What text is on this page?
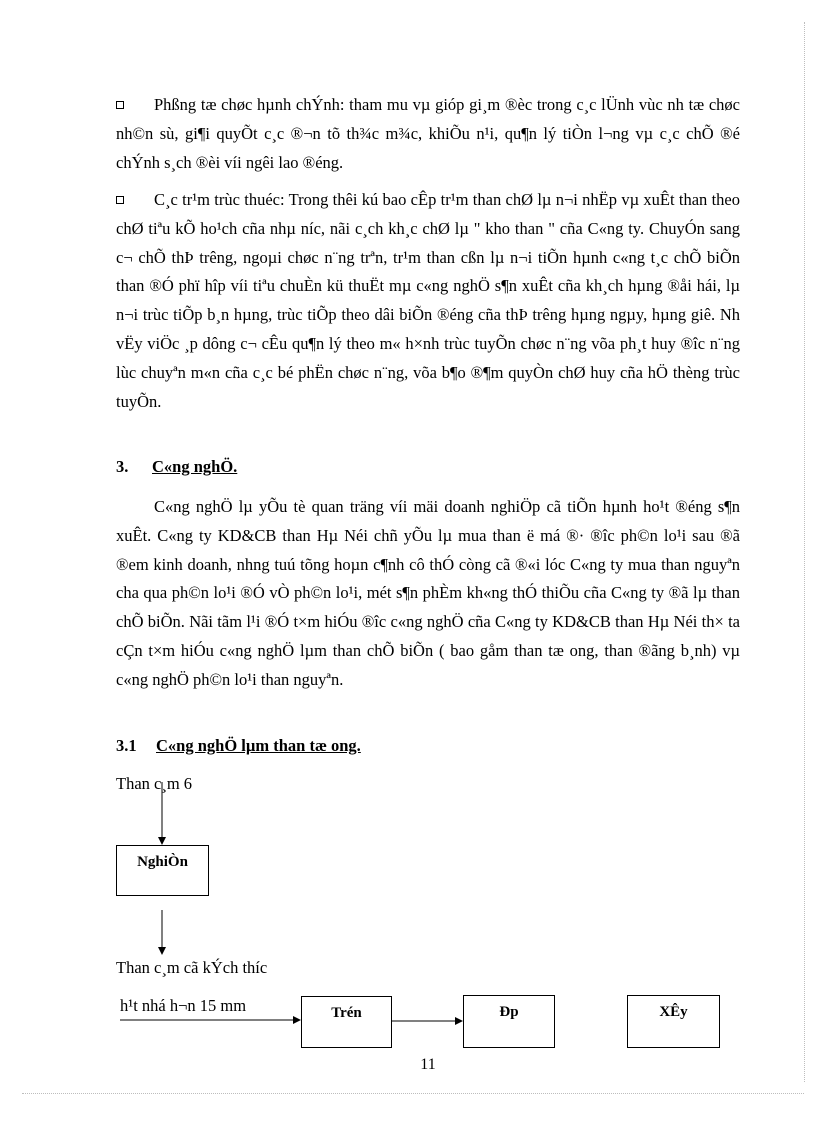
Phßng tæ chøc hµnh chÝnh: tham mu vµ gióp gi¸m ®èc trong c¸c lÜnh vùc nh tæ chøc nh©n sù, gi¶i quyÕt c¸c ®¬n tõ th¾c m¾c, khiÕu n¹i, qu¶n lý tiÒn l¬ng vµ c¸c chÕ ®é chÝnh s¸ch ®èi víi ngêi lao ®éng.

C¸c tr¹m trùc thuéc: Trong thêi kú bao cÊp tr¹m than chØ lµ n¬i nhËp vµ xuÊt than theo chØ tiªu kÕ ho¹ch cña nhµ níc, nãi c¸ch kh¸c chØ lµ " kho than " cña C«ng ty. ChuyÓn sang c¬ chÕ thÞ trêng, ngoµi chøc n¨ng trªn, tr¹m than cßn lµ n¬i tiÕn hµnh c«ng t¸c chÕ biÕn than ®Ó phï hîp víi tiªu chuÈn kü thuËt mµ c«ng nghÖ s¶n xuÊt cña kh¸ch hµng ®åi hái, lµ n¬i trùc tiÕp b¸n hµng, trùc tiÕp theo dâi biÕn ®éng cña thÞ trêng hµng ngµy, hµng giê. Nh vËy viÖc ¸p dông c¬ cÊu qu¶n lý theo m« h×nh trùc tuyÕn chøc n¨ng võa ph¸t huy ®îc n¨ng lùc chuyªn m«n cña c¸c bé phËn chøc n¨ng, võa b¶o ®¶m quyÒn chØ huy cña hÖ thèng trùc tuyÕn.

3. C«ng nghÖ.

C«ng nghÖ lµ yÕu tè quan träng víi mäi doanh nghiÖp cã tiÕn hµnh ho¹t ®éng s¶n xuÊt. C«ng ty KD&CB than Hµ Néi chñ yÕu lµ mua than ë má ®· ®îc ph©n lo¹i sau ®ã ®em kinh doanh, nhng tuú tõng hoµn c¶nh cô thÓ còng cã ®«i lóc C«ng ty mua than nguyªn cha qua ph©n lo¹i ®Ó vÒ ph©n lo¹i, mét s¶n phÈm kh«ng thÓ thiÕu cña C«ng ty ®ã lµ than chÕ biÕn. Nãi tãm l¹i ®Ó t×m hiÓu ®îc c«ng nghÖ cña C«ng ty KD&CB than Hµ Néi th× ta cÇn t×m hiÓu c«ng nghÖ lµm than chÕ biÕn ( bao gåm than tæ ong, than ®ãng b¸nh) vµ c«ng nghÖ ph©n lo¹i than nguyªn.

3.1 C«ng nghÖ lµm than tæ ong.

Than c¸m 6
NghiÒn
Than c¸m cã kÝch thíc
h¹t nhá h¬n 15 mm	Trén	Ðp	XÊy
11
